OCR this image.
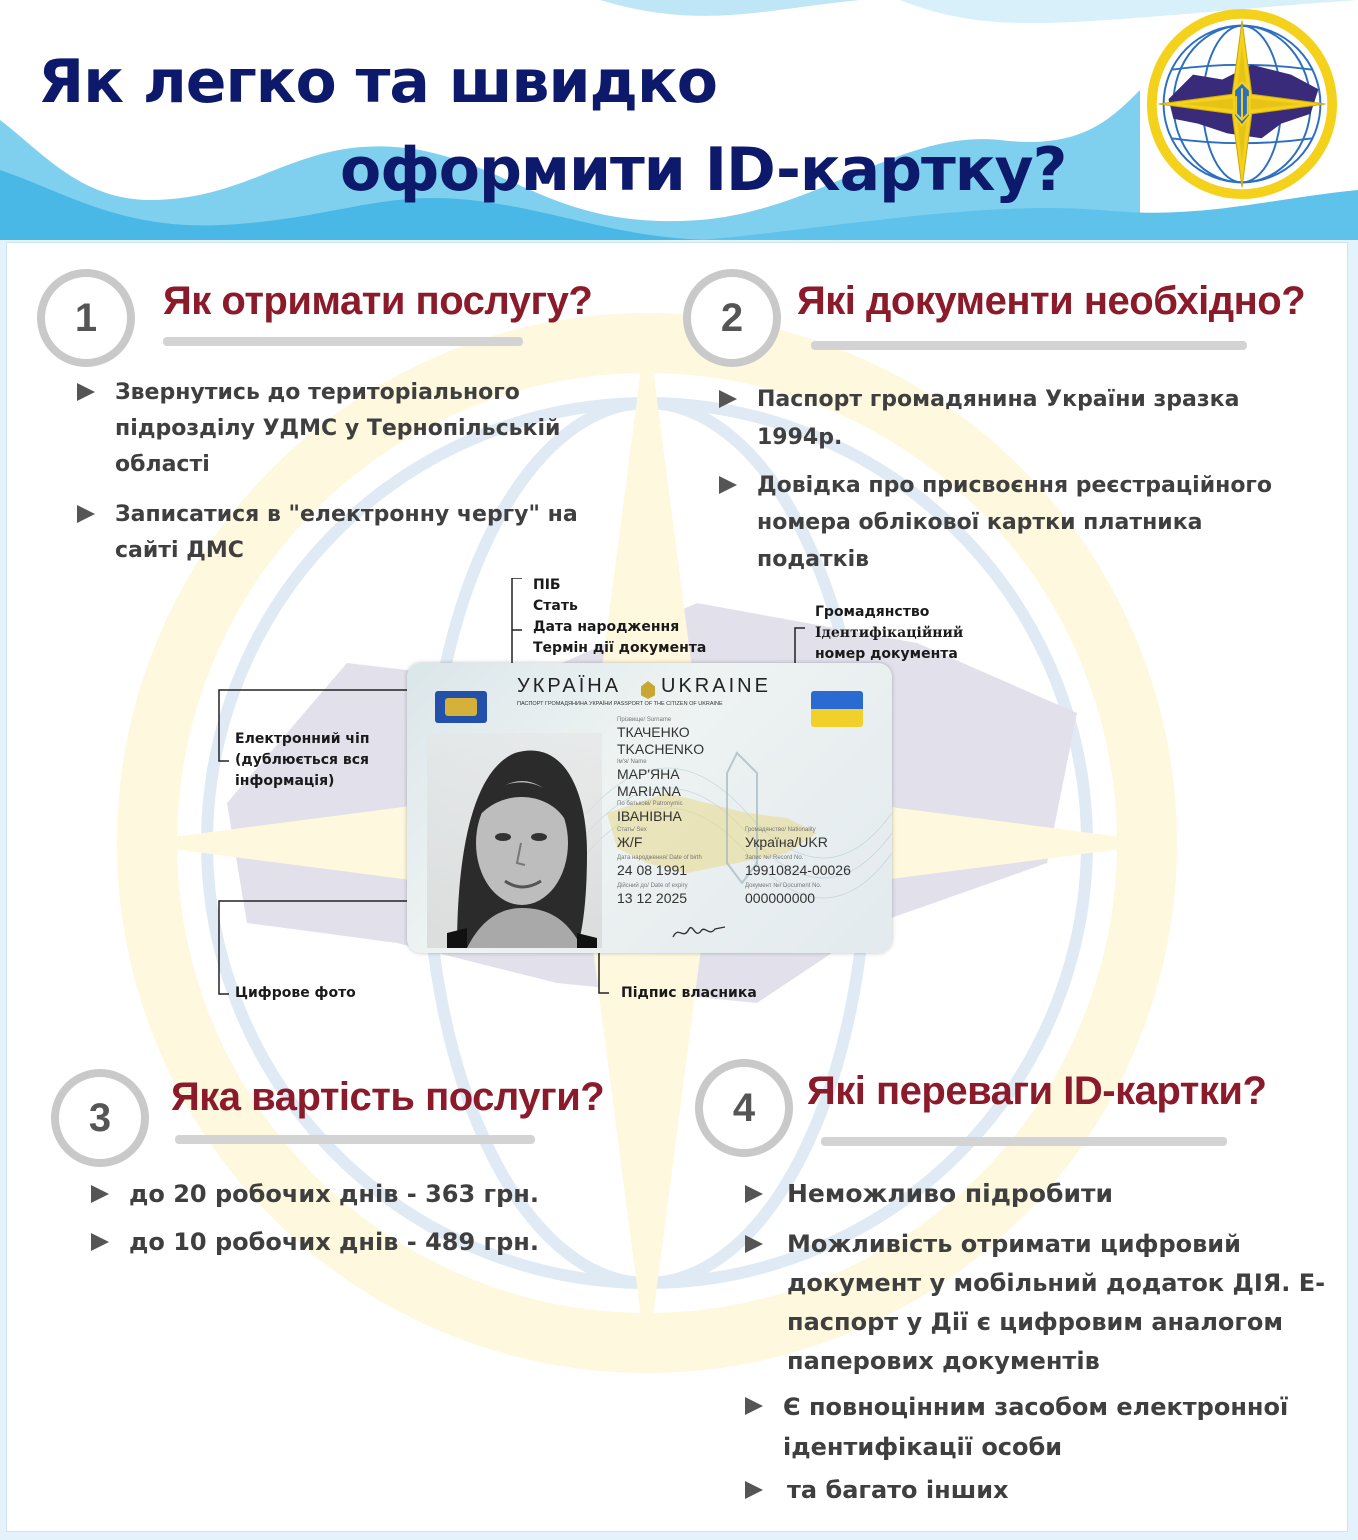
Як легко та швидко
оформити ID-картку?
1	Як отримати послугу?
Звернутись до територіального підрозділу УДМС у Тернопільській області
Записатися в "електронну чергу" на сайті ДМС
2	Які документи необхідно?
Паспорт громадянина України зразка 1994р.
Довідка про присвоєння реєстраційного номера облікової картки платника податків
ПІБ
Стать
Дата народження
Термін дії документа
Громадянство
Ідентифікаційний
номер документа
Електронний чіп
(дублюється вся
інформація)
Цифрове фото	Підпис власника
УКРАЇНА UKRAINE
ПАСПОРТ ГРОМАДЯНИНА УКРАЇНИ PASSPORT OF THE CITIZEN OF UKRAINE
Прізвище/ Surname
ТКАЧЕНКО
TKACHENKO
Ім'я/ Name
МАР'ЯНА
MARIANA
По батькові/ Patronymic
ІВАНІВНА
Стать/ Sex
Ж/F
Дата народження/ Date of birth
24 08 1991
Дійсний до/ Date of expiry
13 12 2025
Громадянство/ Nationality
Україна/UKR
Запис №/ Record No.
19910824-00026
Документ №/ Document No.
000000000
3	Яка вартість послуги?
до 20 робочих днів - 363 грн.
до 10 робочих днів - 489 грн.
4	Які переваги ID-картки?
Неможливо підробити
Можливість отримати цифровий документ у мобільний додаток ДІЯ. Е-паспорт у Дії є цифровим аналогом паперових документів
Є повноцінним засобом електронної ідентифікації особи
та багато інших
